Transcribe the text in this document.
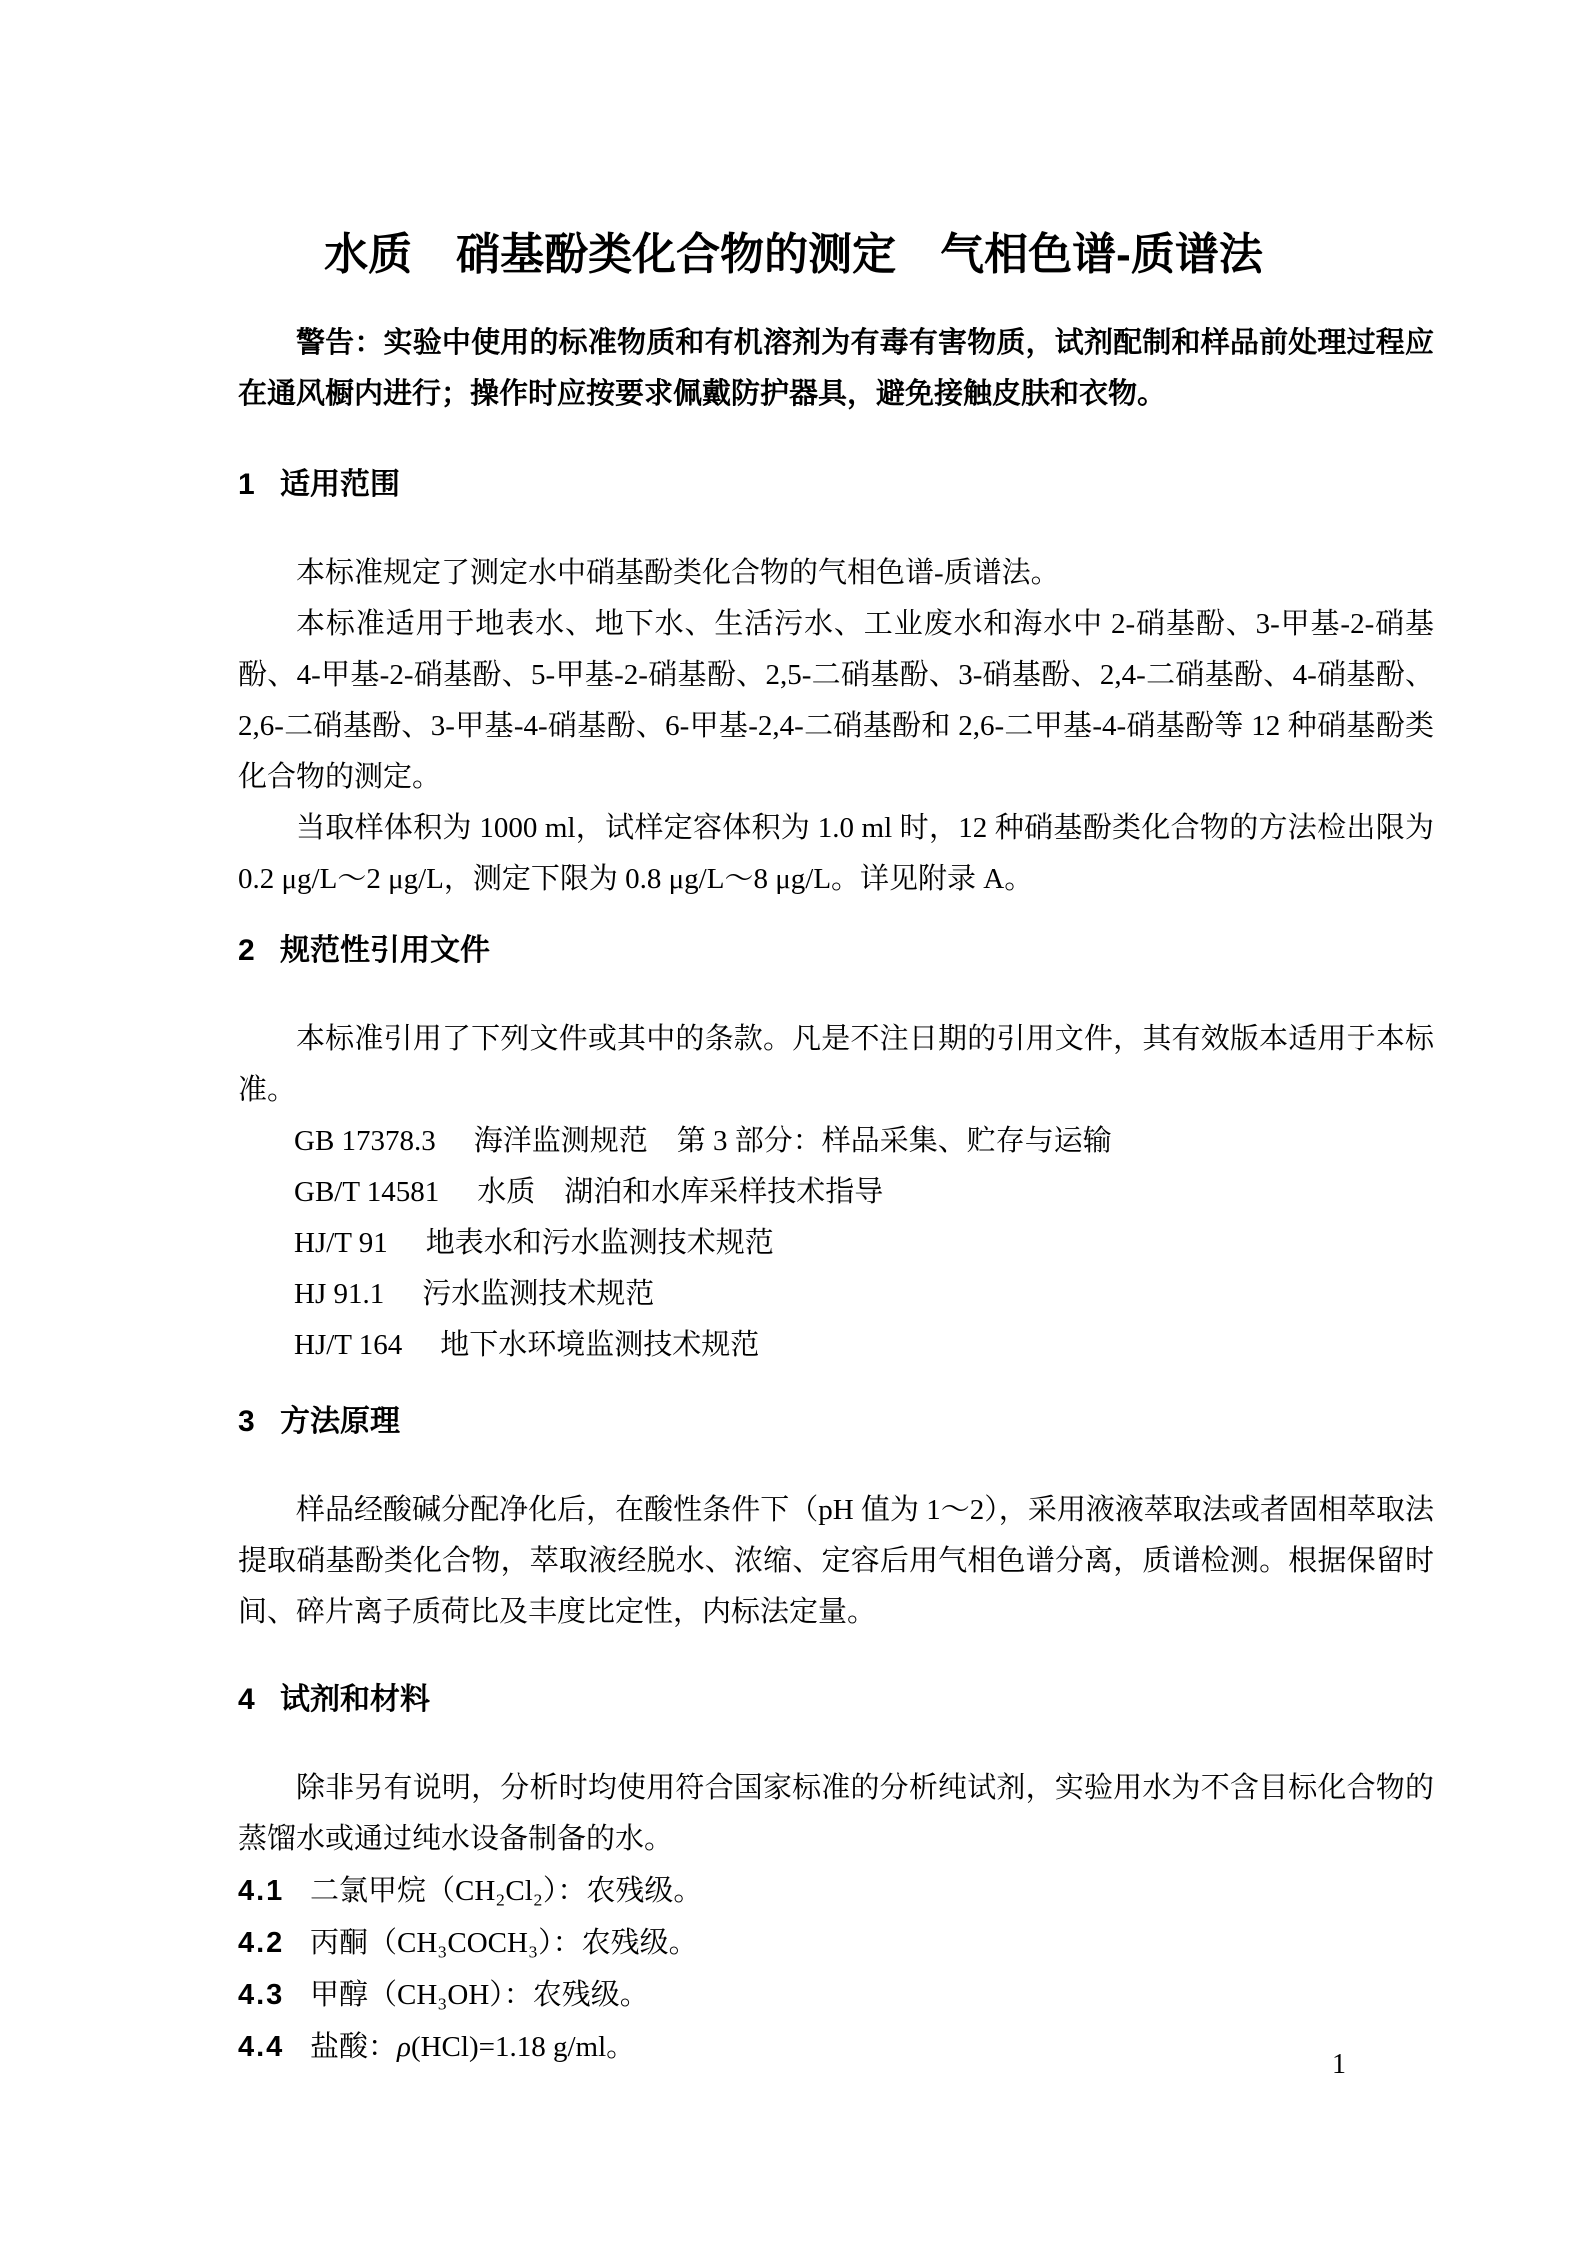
水质　硝基酚类化合物的测定　气相色谱-质谱法

警告：实验中使用的标准物质和有机溶剂为有毒有害物质，试剂配制和样品前处理过程应在通风橱内进行；操作时应按要求佩戴防护器具，避免接触皮肤和衣物。

1 适用范围

本标准规定了测定水中硝基酚类化合物的气相色谱-质谱法。

本标准适用于地表水、地下水、生活污水、工业废水和海水中 2-硝基酚、3-甲基-2-硝基酚、4-甲基-2-硝基酚、5-甲基-2-硝基酚、2,5-二硝基酚、3-硝基酚、2,4-二硝基酚、4-硝基酚、2,6-二硝基酚、3-甲基-4-硝基酚、6-甲基-2,4-二硝基酚和 2,6-二甲基-4-硝基酚等 12 种硝基酚类化合物的测定。

当取样体积为 1000 ml，试样定容体积为 1.0 ml 时，12 种硝基酚类化合物的方法检出限为 0.2 μg/L～2 μg/L，测定下限为 0.8 μg/L～8 μg/L。详见附录 A。

2 规范性引用文件

本标准引用了下列文件或其中的条款。凡是不注日期的引用文件，其有效版本适用于本标准。

GB 17378.3 海洋监测规范　第 3 部分：样品采集、贮存与运输
GB/T 14581 水质　湖泊和水库采样技术指导
HJ/T 91 地表水和污水监测技术规范
HJ 91.1 污水监测技术规范
HJ/T 164 地下水环境监测技术规范
3 方法原理

样品经酸碱分配净化后，在酸性条件下（pH 值为 1～2），采用液液萃取法或者固相萃取法提取硝基酚类化合物，萃取液经脱水、浓缩、定容后用气相色谱分离，质谱检测。根据保留时间、碎片离子质荷比及丰度比定性，内标法定量。

4 试剂和材料

除非另有说明，分析时均使用符合国家标准的分析纯试剂，实验用水为不含目标化合物的蒸馏水或通过纯水设备制备的水。

4.1 二氯甲烷（CH₂Cl₂）：农残级。
4.2 丙酮（CH₃COCH₃）：农残级。
4.3 甲醇（CH₃OH）：农残级。
4.4 盐酸：ρ(HCl)=1.18 g/ml。
1
